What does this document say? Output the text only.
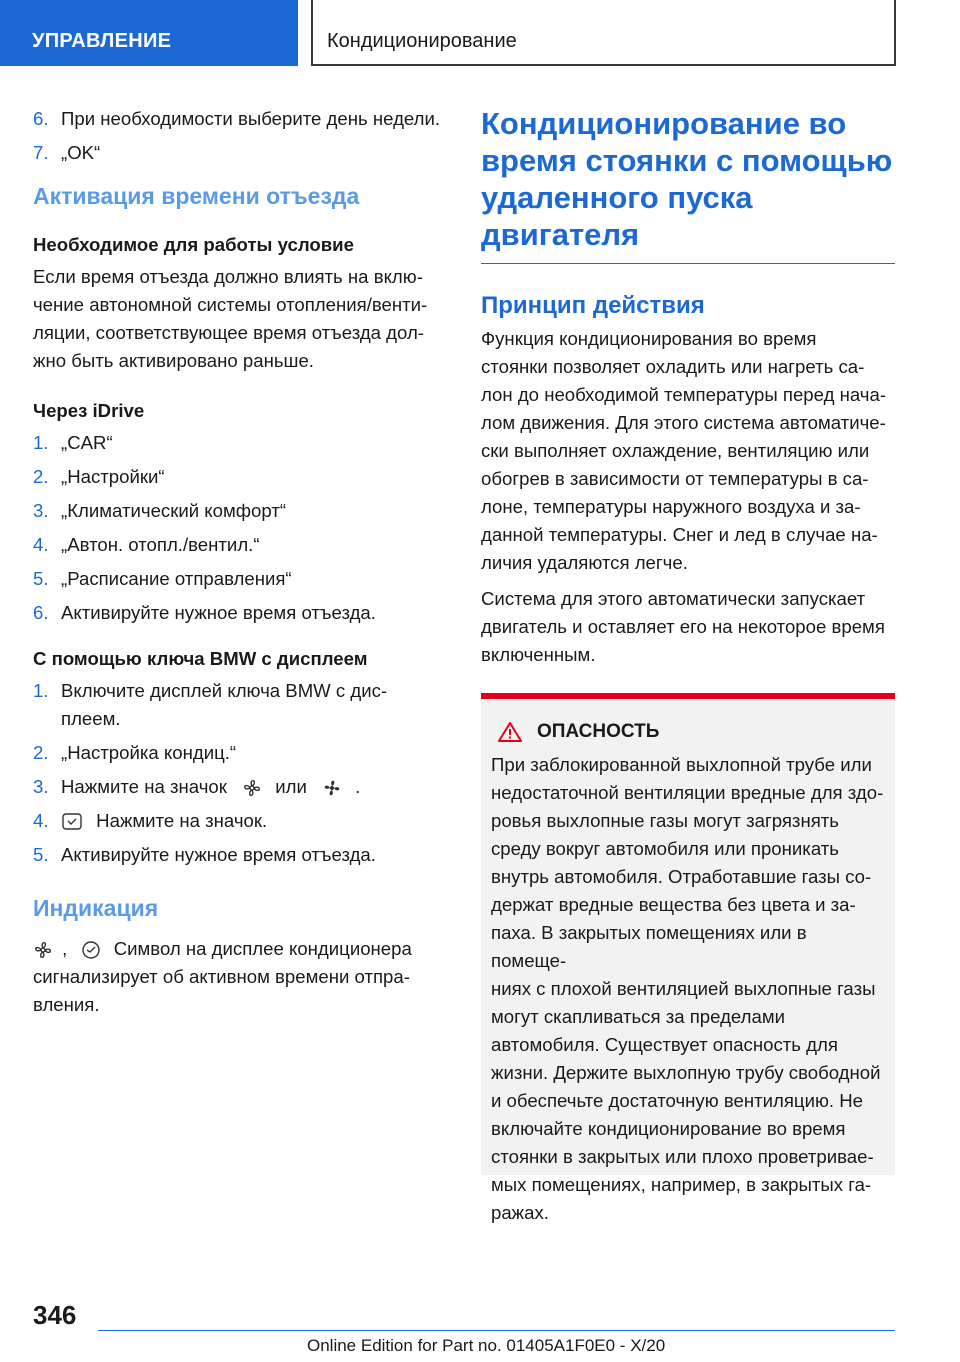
УПРАВЛЕНИЕ	Кондиционирование
6. При необходимости выберите день недели.
7. „OK“
Активация времени отъезда
Необходимое для работы условие
Если время отъезда должно влиять на вклю-
чение автономной системы отопления/венти-
ляции, соответствующее время отъезда дол-
жно быть активировано раньше.
Через iDrive
1. „CAR“
2. „Настройки“
3. „Климатический комфорт“
4. „Автон. отопл./вентил.“
5. „Расписание отправления“
6. Активируйте нужное время отъезда.
С помощью ключа BMW с дисплеем
1. Включите дисплей ключа BMW с дис-
плеем.
2. „Настройка кондиц.“
3. Нажмите на значок	или	.
4.	Нажмите на значок.
5. Активируйте нужное время отъезда.
Индикация
, Символ на дисплее кондиционера
сигнализирует об активном времени отпра-
вления.
Кондиционирование во
время стоянки с помощью
удаленного пуска
двигателя
Принцип действия
Функция кондиционирования во время
стоянки позволяет охладить или нагреть са-
лон до необходимой температуры перед нача-
лом движения. Для этого система автоматиче-
ски выполняет охлаждение, вентиляцию или
обогрев в зависимости от температуры в са-
лоне, температуры наружного воздуха и за-
данной температуры. Снег и лед в случае на-
личия удаляются легче.
Система для этого автоматически запускает
двигатель и оставляет его на некоторое время
включенным.
ОПАСНОСТЬ
При заблокированной выхлопной трубе или
недостаточной вентиляции вредные для здо-
ровья выхлопные газы могут загрязнять
среду вокруг автомобиля или проникать
внутрь автомобиля. Отработавшие газы со-
держат вредные вещества без цвета и за-
паха. В закрытых помещениях или в помеще-
ниях с плохой вентиляцией выхлопные газы
могут скапливаться за пределами
автомобиля. Существует опасность для
жизни. Держите выхлопную трубу свободной
и обеспечьте достаточную вентиляцию. Не
включайте кондиционирование во время
стоянки в закрытых или плохо проветривае-
мых помещениях, например, в закрытых га-
ражах.
346
Online Edition for Part no. 01405A1F0E0 - X/20
